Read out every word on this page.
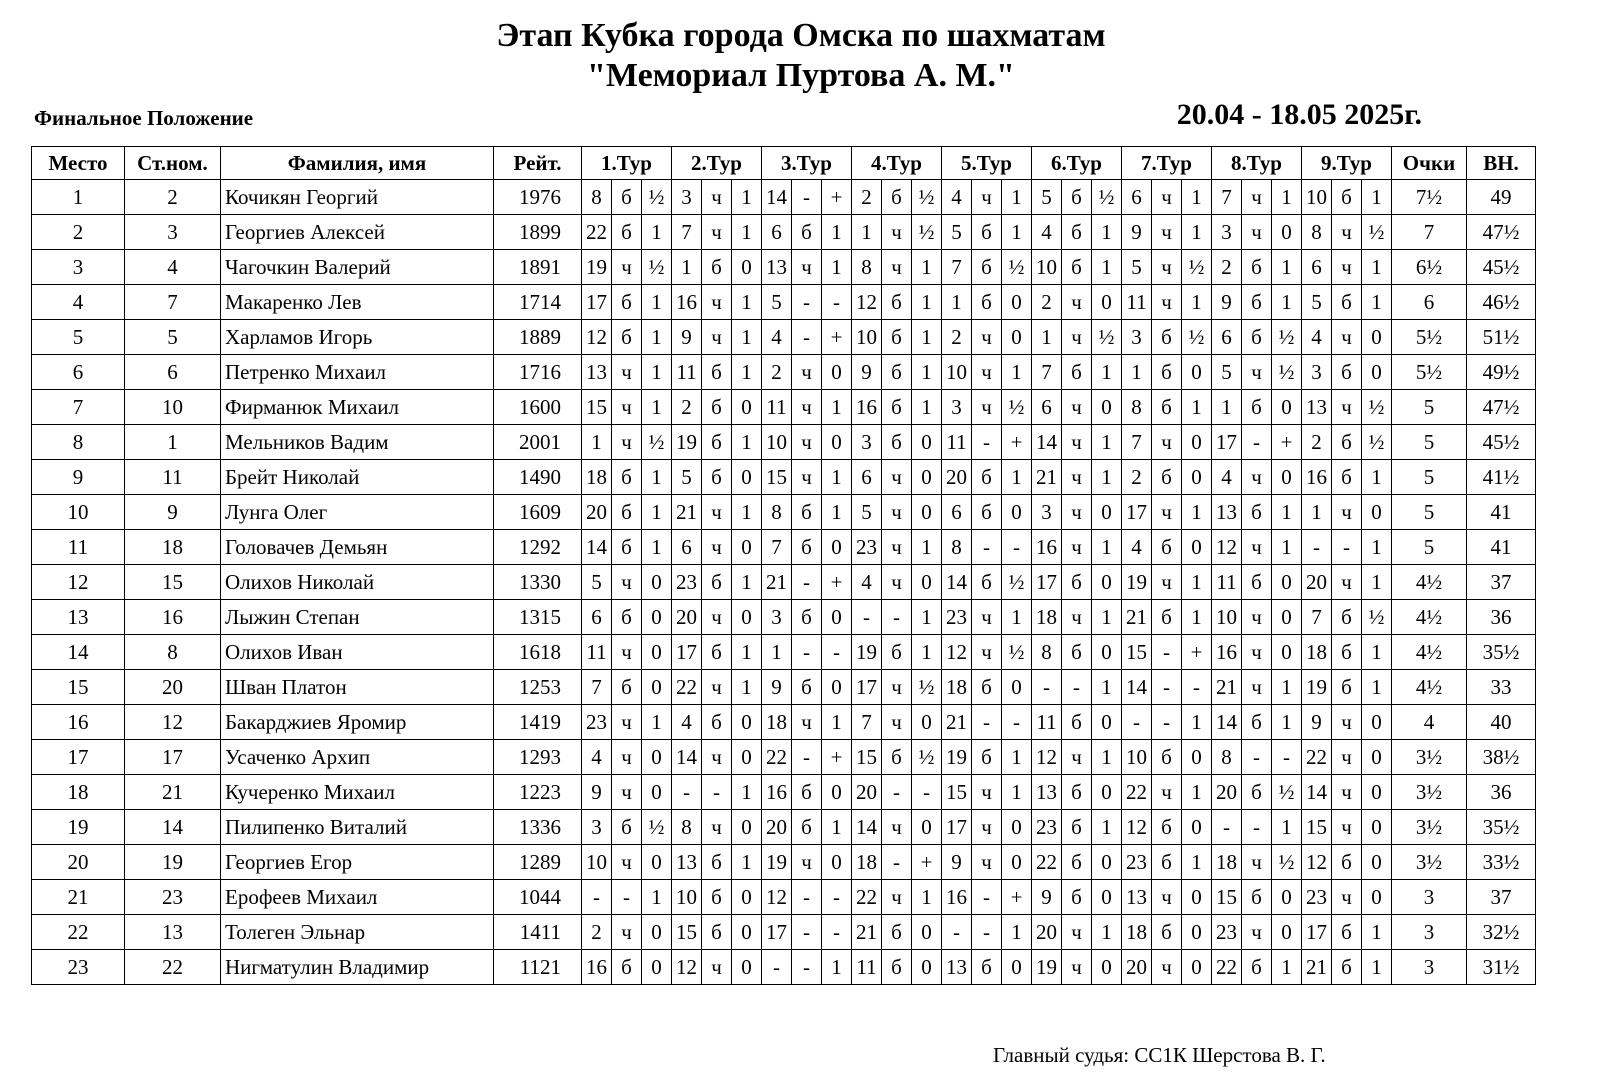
Этап Кубка города Омска по шахматам
"Мемориал Пуртова А. М."
Финальное Положение	20.04 - 18.05 2025г.
Место	Ст.ном.	Фамилия, имя	Рейт.	1.Тур			2.Тур			3.Тур			4.Тур			5.Тур			6.Тур			7.Тур			8.Тур			9.Тур			Очки	ВН.
1	2	Кочикян Георгий	1976	8	б	½	3	ч	1	14	-	+	2	б	½	4	ч	1	5	б	½	6	ч	1	7	ч	1	10	б	1	7½	49
2	3	Георгиев Алексей	1899	22	б	1	7	ч	1	6	б	1	1	ч	½	5	б	1	4	б	1	9	ч	1	3	ч	0	8	ч	½	7	47½
3	4	Чагочкин Валерий	1891	19	ч	½	1	б	0	13	ч	1	8	ч	1	7	б	½	10	б	1	5	ч	½	2	б	1	6	ч	1	6½	45½
4	7	Макаренко Лев	1714	17	б	1	16	ч	1	5	-	-	12	б	1	1	б	0	2	ч	0	11	ч	1	9	б	1	5	б	1	6	46½
5	5	Харламов Игорь	1889	12	б	1	9	ч	1	4	-	+	10	б	1	2	ч	0	1	ч	½	3	б	½	6	б	½	4	ч	0	5½	51½
6	6	Петренко Михаил	1716	13	ч	1	11	б	1	2	ч	0	9	б	1	10	ч	1	7	б	1	1	б	0	5	ч	½	3	б	0	5½	49½
7	10	Фирманюк Михаил	1600	15	ч	1	2	б	0	11	ч	1	16	б	1	3	ч	½	6	ч	0	8	б	1	1	б	0	13	ч	½	5	47½
8	1	Мельников Вадим	2001	1	ч	½	19	б	1	10	ч	0	3	б	0	11	-	+	14	ч	1	7	ч	0	17	-	+	2	б	½	5	45½
9	11	Брейт Николай	1490	18	б	1	5	б	0	15	ч	1	6	ч	0	20	б	1	21	ч	1	2	б	0	4	ч	0	16	б	1	5	41½
10	9	Лунга Олег	1609	20	б	1	21	ч	1	8	б	1	5	ч	0	6	б	0	3	ч	0	17	ч	1	13	б	1	1	ч	0	5	41
11	18	Головачев Демьян	1292	14	б	1	6	ч	0	7	б	0	23	ч	1	8	-	-	16	ч	1	4	б	0	12	ч	1	-	-	1	5	41
12	15	Олихов Николай	1330	5	ч	0	23	б	1	21	-	+	4	ч	0	14	б	½	17	б	0	19	ч	1	11	б	0	20	ч	1	4½	37
13	16	Лыжин Степан	1315	6	б	0	20	ч	0	3	б	0	-	-	1	23	ч	1	18	ч	1	21	б	1	10	ч	0	7	б	½	4½	36
14	8	Олихов Иван	1618	11	ч	0	17	б	1	1	-	-	19	б	1	12	ч	½	8	б	0	15	-	+	16	ч	0	18	б	1	4½	35½
15	20	Шван Платон	1253	7	б	0	22	ч	1	9	б	0	17	ч	½	18	б	0	-	-	1	14	-	-	21	ч	1	19	б	1	4½	33
16	12	Бакарджиев Яромир	1419	23	ч	1	4	б	0	18	ч	1	7	ч	0	21	-	-	11	б	0	-	-	1	14	б	1	9	ч	0	4	40
17	17	Усаченко Архип	1293	4	ч	0	14	ч	0	22	-	+	15	б	½	19	б	1	12	ч	1	10	б	0	8	-	-	22	ч	0	3½	38½
18	21	Кучеренко Михаил	1223	9	ч	0	-	-	1	16	б	0	20	-	-	15	ч	1	13	б	0	22	ч	1	20	б	½	14	ч	0	3½	36
19	14	Пилипенко Виталий	1336	3	б	½	8	ч	0	20	б	1	14	ч	0	17	ч	0	23	б	1	12	б	0	-	-	1	15	ч	0	3½	35½
20	19	Георгиев Егор	1289	10	ч	0	13	б	1	19	ч	0	18	-	+	9	ч	0	22	б	0	23	б	1	18	ч	½	12	б	0	3½	33½
21	23	Ерофеев Михаил	1044	-	-	1	10	б	0	12	-	-	22	ч	1	16	-	+	9	б	0	13	ч	0	15	б	0	23	ч	0	3	37
22	13	Толеген Эльнар	1411	2	ч	0	15	б	0	17	-	-	21	б	0	-	-	1	20	ч	1	18	б	0	23	ч	0	17	б	1	3	32½
23	22	Нигматулин Владимир	1121	16	б	0	12	ч	0	-	-	1	11	б	0	13	б	0	19	ч	0	20	ч	0	22	б	1	21	б	1	3	31½
Главный судья: СС1К Шерстова В. Г.
